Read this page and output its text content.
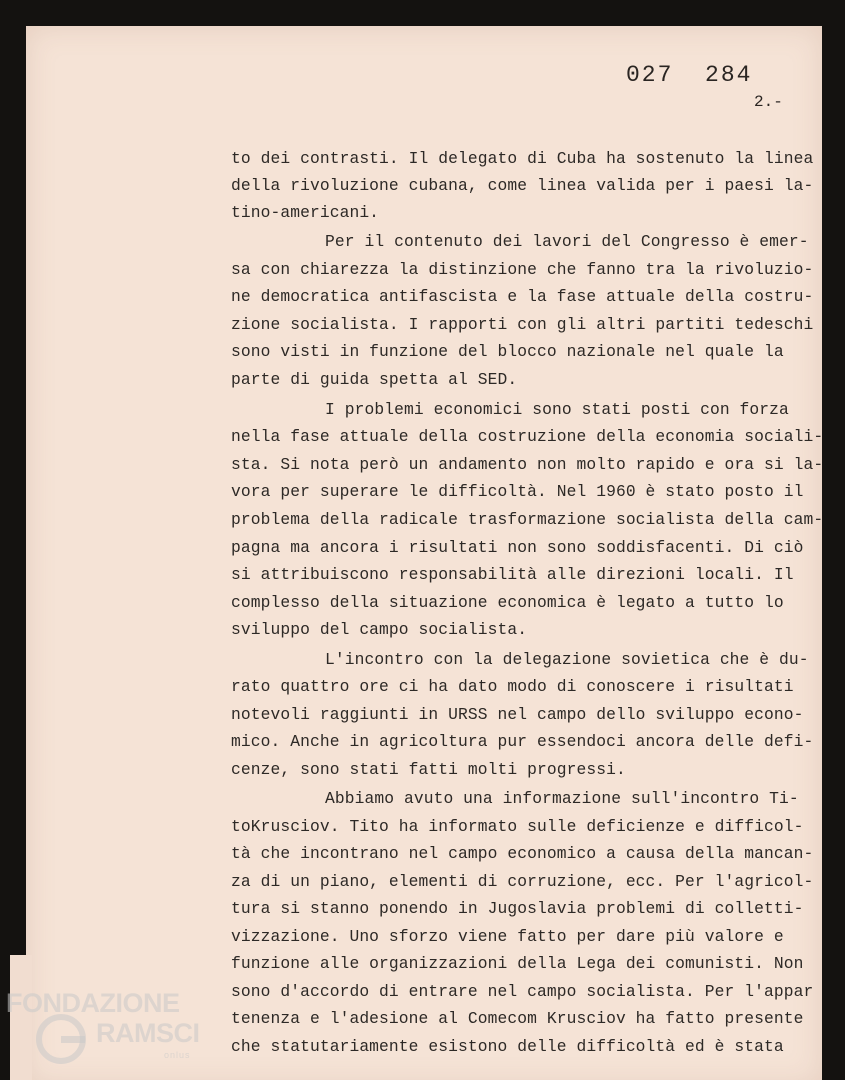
027  284
2.-
to dei contrasti. Il delegato di Cuba ha sostenuto la linea
della rivoluzione cubana, come linea valida per i paesi la-
tino-americani.
Per il contenuto dei lavori del Congresso è emer-
sa con chiarezza la distinzione che fanno tra la rivoluzio-
ne democratica antifascista e la fase attuale della costru-
zione socialista. I rapporti con gli altri partiti tedeschi
sono visti in funzione del blocco nazionale nel quale la
parte di guida spetta al SED.
I problemi economici sono stati posti con forza
nella fase attuale della costruzione della economia sociali-
sta. Si nota però un andamento non molto rapido e ora si la-
vora per superare le difficoltà. Nel 1960 è stato posto il
problema della radicale trasformazione socialista della cam-
pagna ma ancora i risultati non sono soddisfacenti. Di ciò
si attribuiscono responsabilità alle direzioni locali. Il
complesso della situazione economica è legato a tutto lo
sviluppo del campo socialista.
L'incontro con la delegazione sovietica che è du-
rato quattro ore ci ha dato modo di conoscere i risultati
notevoli raggiunti in URSS nel campo dello sviluppo econo-
mico. Anche in agricoltura pur essendoci ancora delle defi-
cenze, sono stati fatti molti progressi.
Abbiamo avuto una informazione sull'incontro Ti-
toKrusciov. Tito ha informato sulle deficienze e difficol-
tà che incontrano nel campo economico a causa della mancan-
za di un piano, elementi di corruzione, ecc. Per l'agricol-
tura si stanno ponendo in Jugoslavia problemi di colletti-
vizzazione. Uno sforzo viene fatto per dare più valore e
funzione alle organizzazioni della Lega dei comunisti. Non
sono d'accordo di entrare nel campo socialista. Per l'appar
tenenza e l'adesione al Comecom Krusciov ha fatto presente
che statutariamente esistono delle difficoltà ed è stata
FONDAZIONE
RAMSCI
onlus
